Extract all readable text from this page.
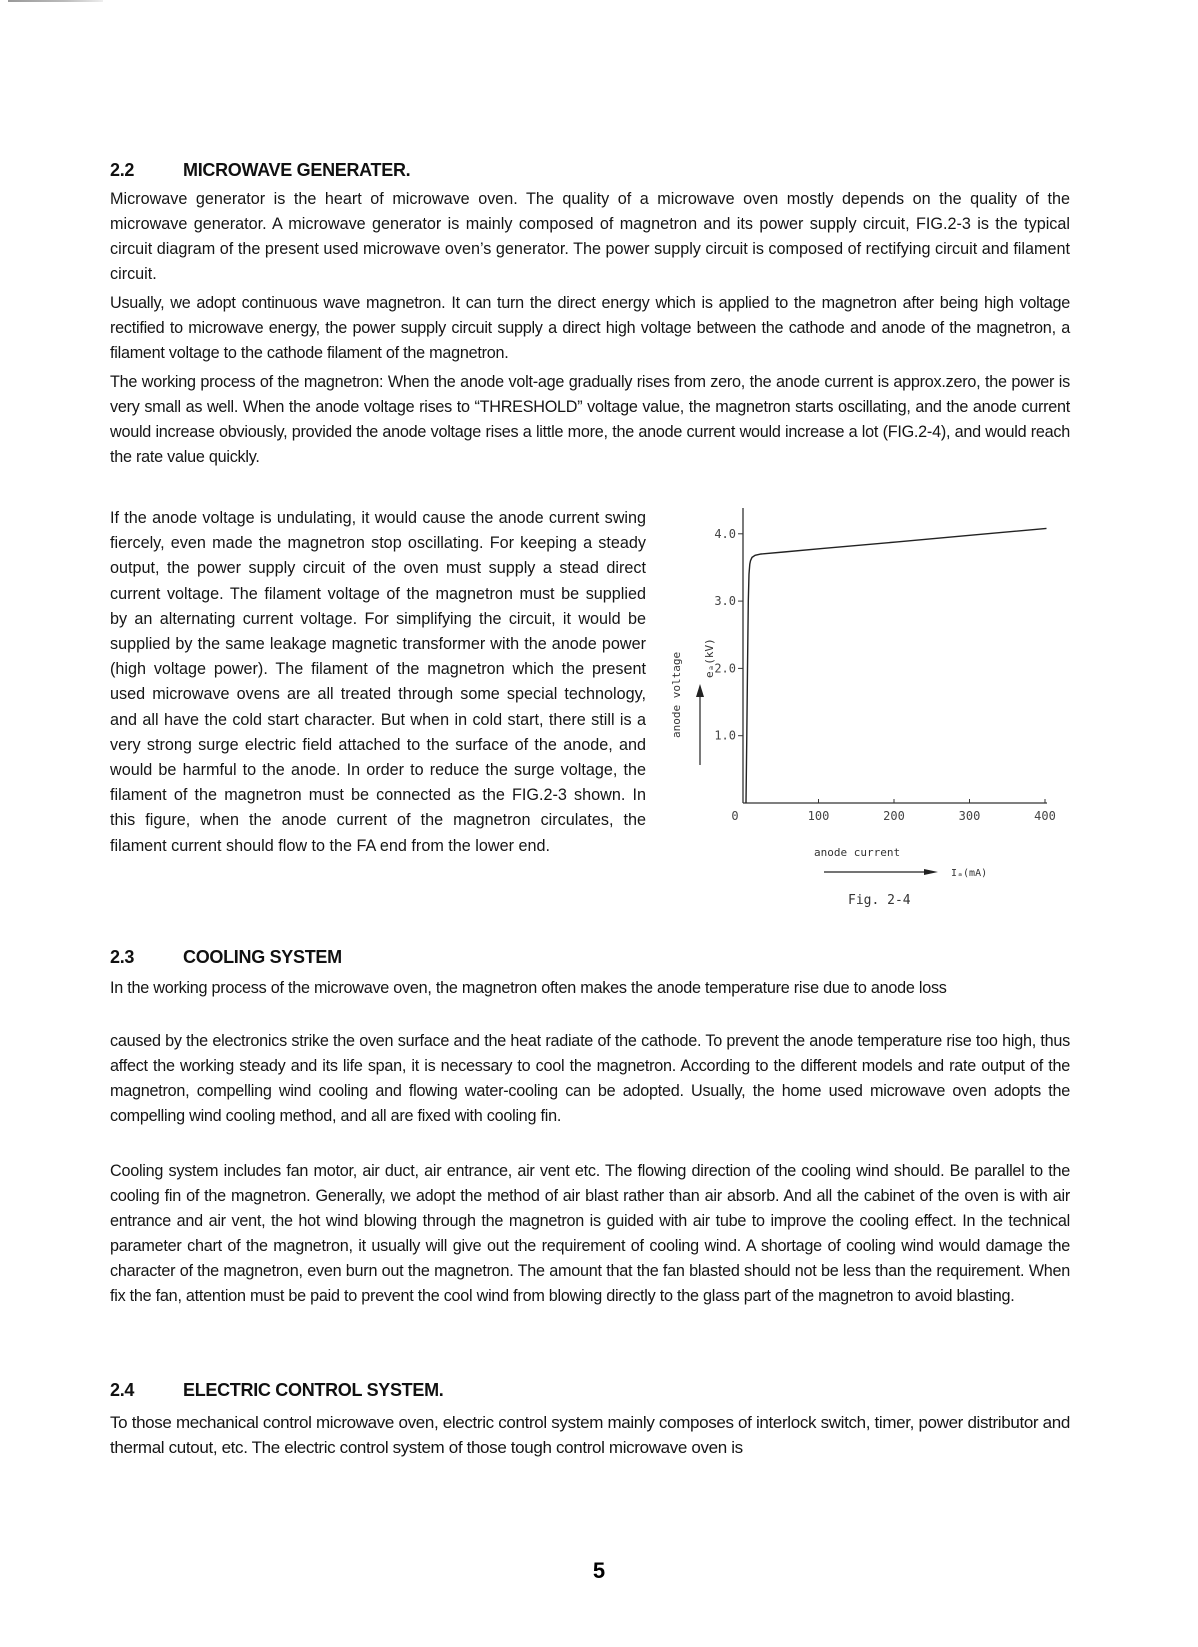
2.2	MICROWAVE GENERATER.
Microwave generator is the heart of microwave oven. The quality of a microwave oven mostly depends on the quality of the microwave generator. A microwave generator is mainly composed of magnetron and its power supply circuit, FIG.2-3 is the typical circuit diagram of the present used microwave oven’s generator. The power supply circuit is composed of rectifying circuit and filament circuit.
Usually, we adopt continuous wave magnetron. It can turn the direct energy which is applied to the magnetron after being high voltage rectified to microwave energy, the power supply circuit supply a direct high voltage between the cathode and anode of the magnetron, a filament voltage to the cathode filament of the magnetron.
The working process of the magnetron: When the anode volt-age gradually rises from zero, the anode current is approx.zero, the power is very small as well. When the anode voltage rises to “THRESHOLD” voltage value, the magnetron starts oscillating, and the anode current would increase obviously, provided the anode voltage rises a little more, the anode current would increase a lot (FIG.2-4), and would reach the rate value quickly.
If the anode voltage is undulating, it would cause the anode current swing fiercely, even made the magnetron stop oscillating. For keeping a steady output, the power supply circuit of the oven must supply a stead direct current voltage. The filament voltage of the magnetron must be supplied by an alternating current voltage. For simplifying the circuit, it would be supplied by the same leakage magnetic transformer with the anode power (high voltage power). The filament of the magnetron which the present used microwave ovens are all treated through some special technology, and all have the cold start character. But when in cold start, there still is a very strong surge electric field attached to the surface of the anode, and would be harmful to the anode. In order to reduce the surge voltage, the filament of the magnetron must be connected as the FIG.2-3 shown. In this figure, when the anode current of the magnetron circulates, the filament current should flow to the FA end from the lower end.
1.0
2.0
3.0
4.0
0	100	200	300	400
anode voltage eₐ(kV)
anode current
Iₐ(mA)
Fig. 2-4
2.3	COOLING SYSTEM
In the working process of the microwave oven, the magnetron often makes the anode temperature rise due to anode loss
caused by the electronics strike the oven surface and the heat radiate of the cathode. To prevent the anode temperature rise too high, thus affect the working steady and its life span, it is necessary to cool the magnetron. According to the different models and rate output of the magnetron, compelling wind cooling and flowing water-cooling can be adopted. Usually, the home used microwave oven adopts the compelling wind cooling method, and all are fixed with cooling fin.
Cooling system includes fan motor, air duct, air entrance, air vent etc. The flowing direction of the cooling wind should. Be parallel to the cooling fin of the magnetron. Generally, we adopt the method of air blast rather than air absorb. And all the cabinet of the oven is with air entrance and air vent, the hot wind blowing through the magnetron is guided with air tube to improve the cooling effect. In the technical parameter chart of the magnetron, it usually will give out the requirement of cooling wind. A shortage of cooling wind would damage the character of the magnetron, even burn out the magnetron. The amount that the fan blasted should not be less than the requirement. When fix the fan, attention must be paid to prevent the cool wind from blowing directly to the glass part of the magnetron to avoid blasting.
2.4	ELECTRIC CONTROL SYSTEM.
To those mechanical control microwave oven, electric control system mainly composes of interlock switch, timer, power distributor and thermal cutout, etc. The electric control system of those tough control microwave oven is
5
